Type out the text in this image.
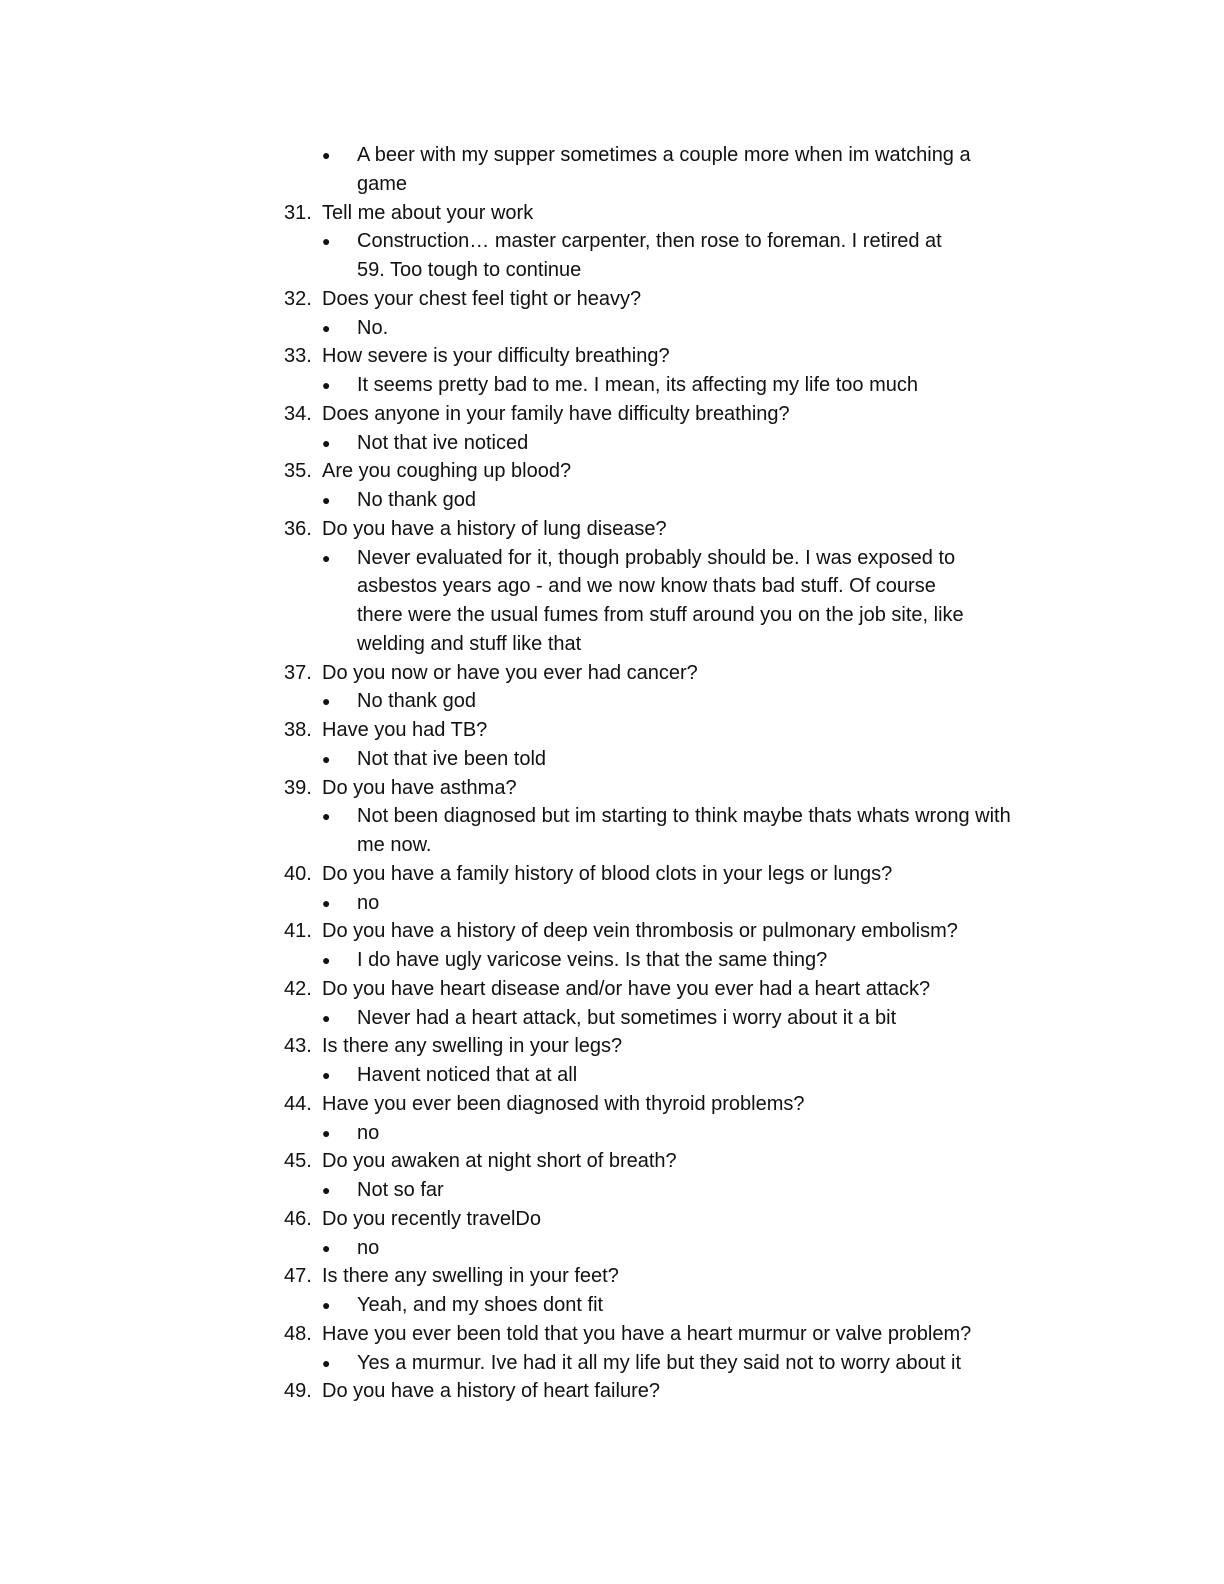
● A beer with my supper sometimes a couple more when im watching a
game
31. Tell me about your work
● Construction… master carpenter, then rose to foreman. I retired at
59. Too tough to continue
32. Does your chest feel tight or heavy?
● No.
33. How severe is your difficulty breathing?
● It seems pretty bad to me. I mean, its affecting my life too much
34. Does anyone in your family have difficulty breathing?
● Not that ive noticed
35. Are you coughing up blood?
● No thank god
36. Do you have a history of lung disease?
● Never evaluated for it, though probably should be. I was exposed to
asbestos years ago - and we now know thats bad stuff. Of course
there were the usual fumes from stuff around you on the job site, like
welding and stuff like that
37. Do you now or have you ever had cancer?
● No thank god
38. Have you had TB?
● Not that ive been told
39. Do you have asthma?
● Not been diagnosed but im starting to think maybe thats whats wrong with
me now.
40. Do you have a family history of blood clots in your legs or lungs?
● no
41. Do you have a history of deep vein thrombosis or pulmonary embolism?
● I do have ugly varicose veins. Is that the same thing?
42. Do you have heart disease and/or have you ever had a heart attack?
● Never had a heart attack, but sometimes i worry about it a bit
43. Is there any swelling in your legs?
● Havent noticed that at all
44. Have you ever been diagnosed with thyroid problems?
● no
45. Do you awaken at night short of breath?
● Not so far
46. Do you recently travelDo
● no
47. Is there any swelling in your feet?
● Yeah, and my shoes dont fit
48. Have you ever been told that you have a heart murmur or valve problem?
● Yes a murmur. Ive had it all my life but they said not to worry about it
49. Do you have a history of heart failure?
